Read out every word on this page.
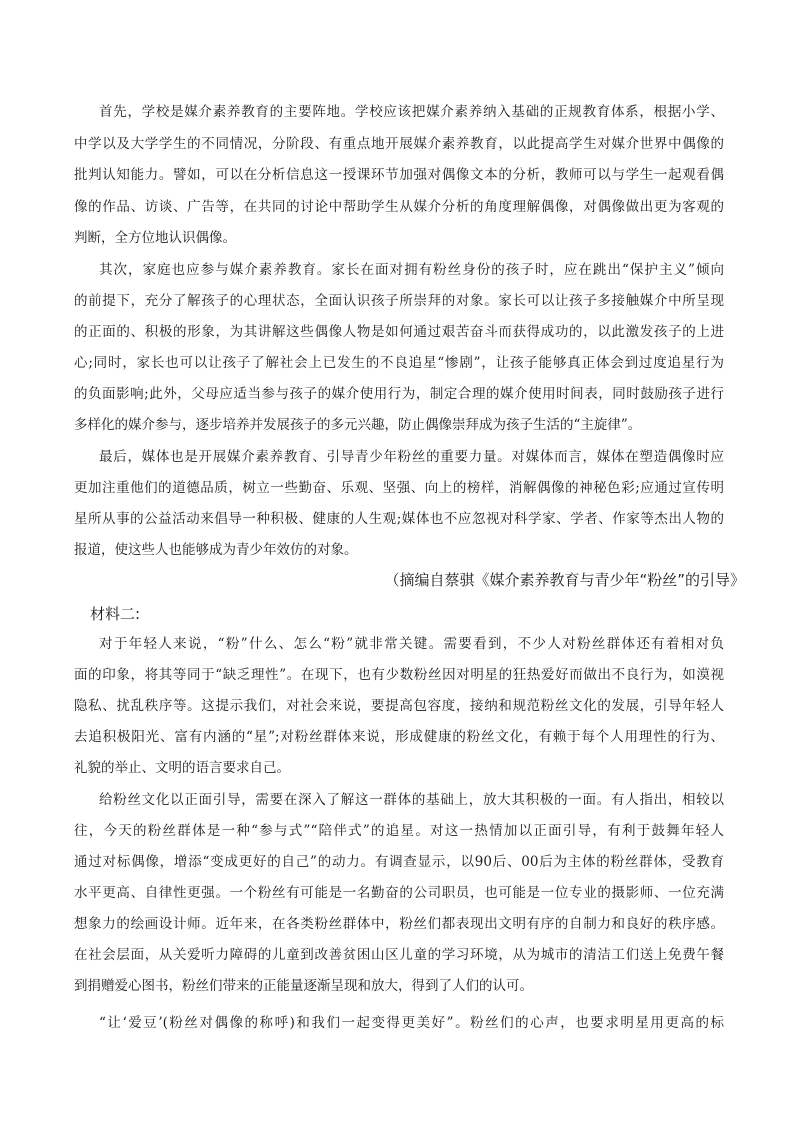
首先，学校是媒介素养教育的主要阵地。学校应该把媒介素养纳入基础的正规教育体系，根据小学、
中学以及大学学生的不同情况，分阶段、有重点地开展媒介素养教育，以此提高学生对媒介世界中偶像的
批判认知能力。譬如，可以在分析信息这一授课环节加强对偶像文本的分析，教师可以与学生一起观看偶
像的作品、访谈、广告等，在共同的讨论中帮助学生从媒介分析的角度理解偶像，对偶像做出更为客观的
判断，全方位地认识偶像。
其次，家庭也应参与媒介素养教育。家长在面对拥有粉丝身份的孩子时，应在跳出“保护主义”倾向
的前提下，充分了解孩子的心理状态，全面认识孩子所崇拜的对象。家长可以让孩子多接触媒介中所呈现
的正面的、积极的形象，为其讲解这些偶像人物是如何通过艰苦奋斗而获得成功的，以此激发孩子的上进
心;同时，家长也可以让孩子了解社会上已发生的不良追星“惨剧”，让孩子能够真正体会到过度追星行为
的负面影响;此外，父母应适当参与孩子的媒介使用行为，制定合理的媒介使用时间表，同时鼓励孩子进行
多样化的媒介参与，逐步培养并发展孩子的多元兴趣，防止偶像崇拜成为孩子生活的“主旋律”。
最后，媒体也是开展媒介素养教育、引导青少年粉丝的重要力量。对媒体而言，媒体在塑造偶像时应
更加注重他们的道德品质，树立一些勤奋、乐观、坚强、向上的榜样，消解偶像的神秘色彩;应通过宣传明
星所从事的公益活动来倡导一种积极、健康的人生观;媒体也不应忽视对科学家、学者、作家等杰出人物的
报道，使这些人也能够成为青少年效仿的对象。
（摘编自蔡骐《媒介素养教育与青少年“粉丝”的引导》
材料二:
对于年轻人来说，“粉”什么、怎么“粉”就非常关键。需要看到，不少人对粉丝群体还有着相对负
面的印象，将其等同于“缺乏理性”。在现下，也有少数粉丝因对明星的狂热爱好而做出不良行为，如漠视
隐私、扰乱秩序等。这提示我们，对社会来说，要提高包容度，接纳和规范粉丝文化的发展，引导年轻人
去追积极阳光、富有内涵的“星”;对粉丝群体来说，形成健康的粉丝文化，有赖于每个人用理性的行为、
礼貌的举止、文明的语言要求自己。
给粉丝文化以正面引导，需要在深入了解这一群体的基础上，放大其积极的一面。有人指出，相较以
往，今天的粉丝群体是一种“参与式”“陪伴式”的追星。对这一热情加以正面引导，有利于鼓舞年轻人
通过对标偶像，增添“变成更好的自己”的动力。有调查显示，以90后、00后为主体的粉丝群体，受教育
水平更高、自律性更强。一个粉丝有可能是一名勤奋的公司职员，也可能是一位专业的摄影师、一位充满
想象力的绘画设计师。近年来，在各类粉丝群体中，粉丝们都表现出文明有序的自制力和良好的秩序感。
在社会层面，从关爱听力障碍的儿童到改善贫困山区儿童的学习环境，从为城市的清洁工们送上免费午餐
到捐赠爱心图书，粉丝们带来的正能量逐渐呈现和放大，得到了人们的认可。
“让‘爱豆’(粉丝对偶像的称呼)和我们一起变得更美好”。粉丝们的心声，也要求明星用更高的标
